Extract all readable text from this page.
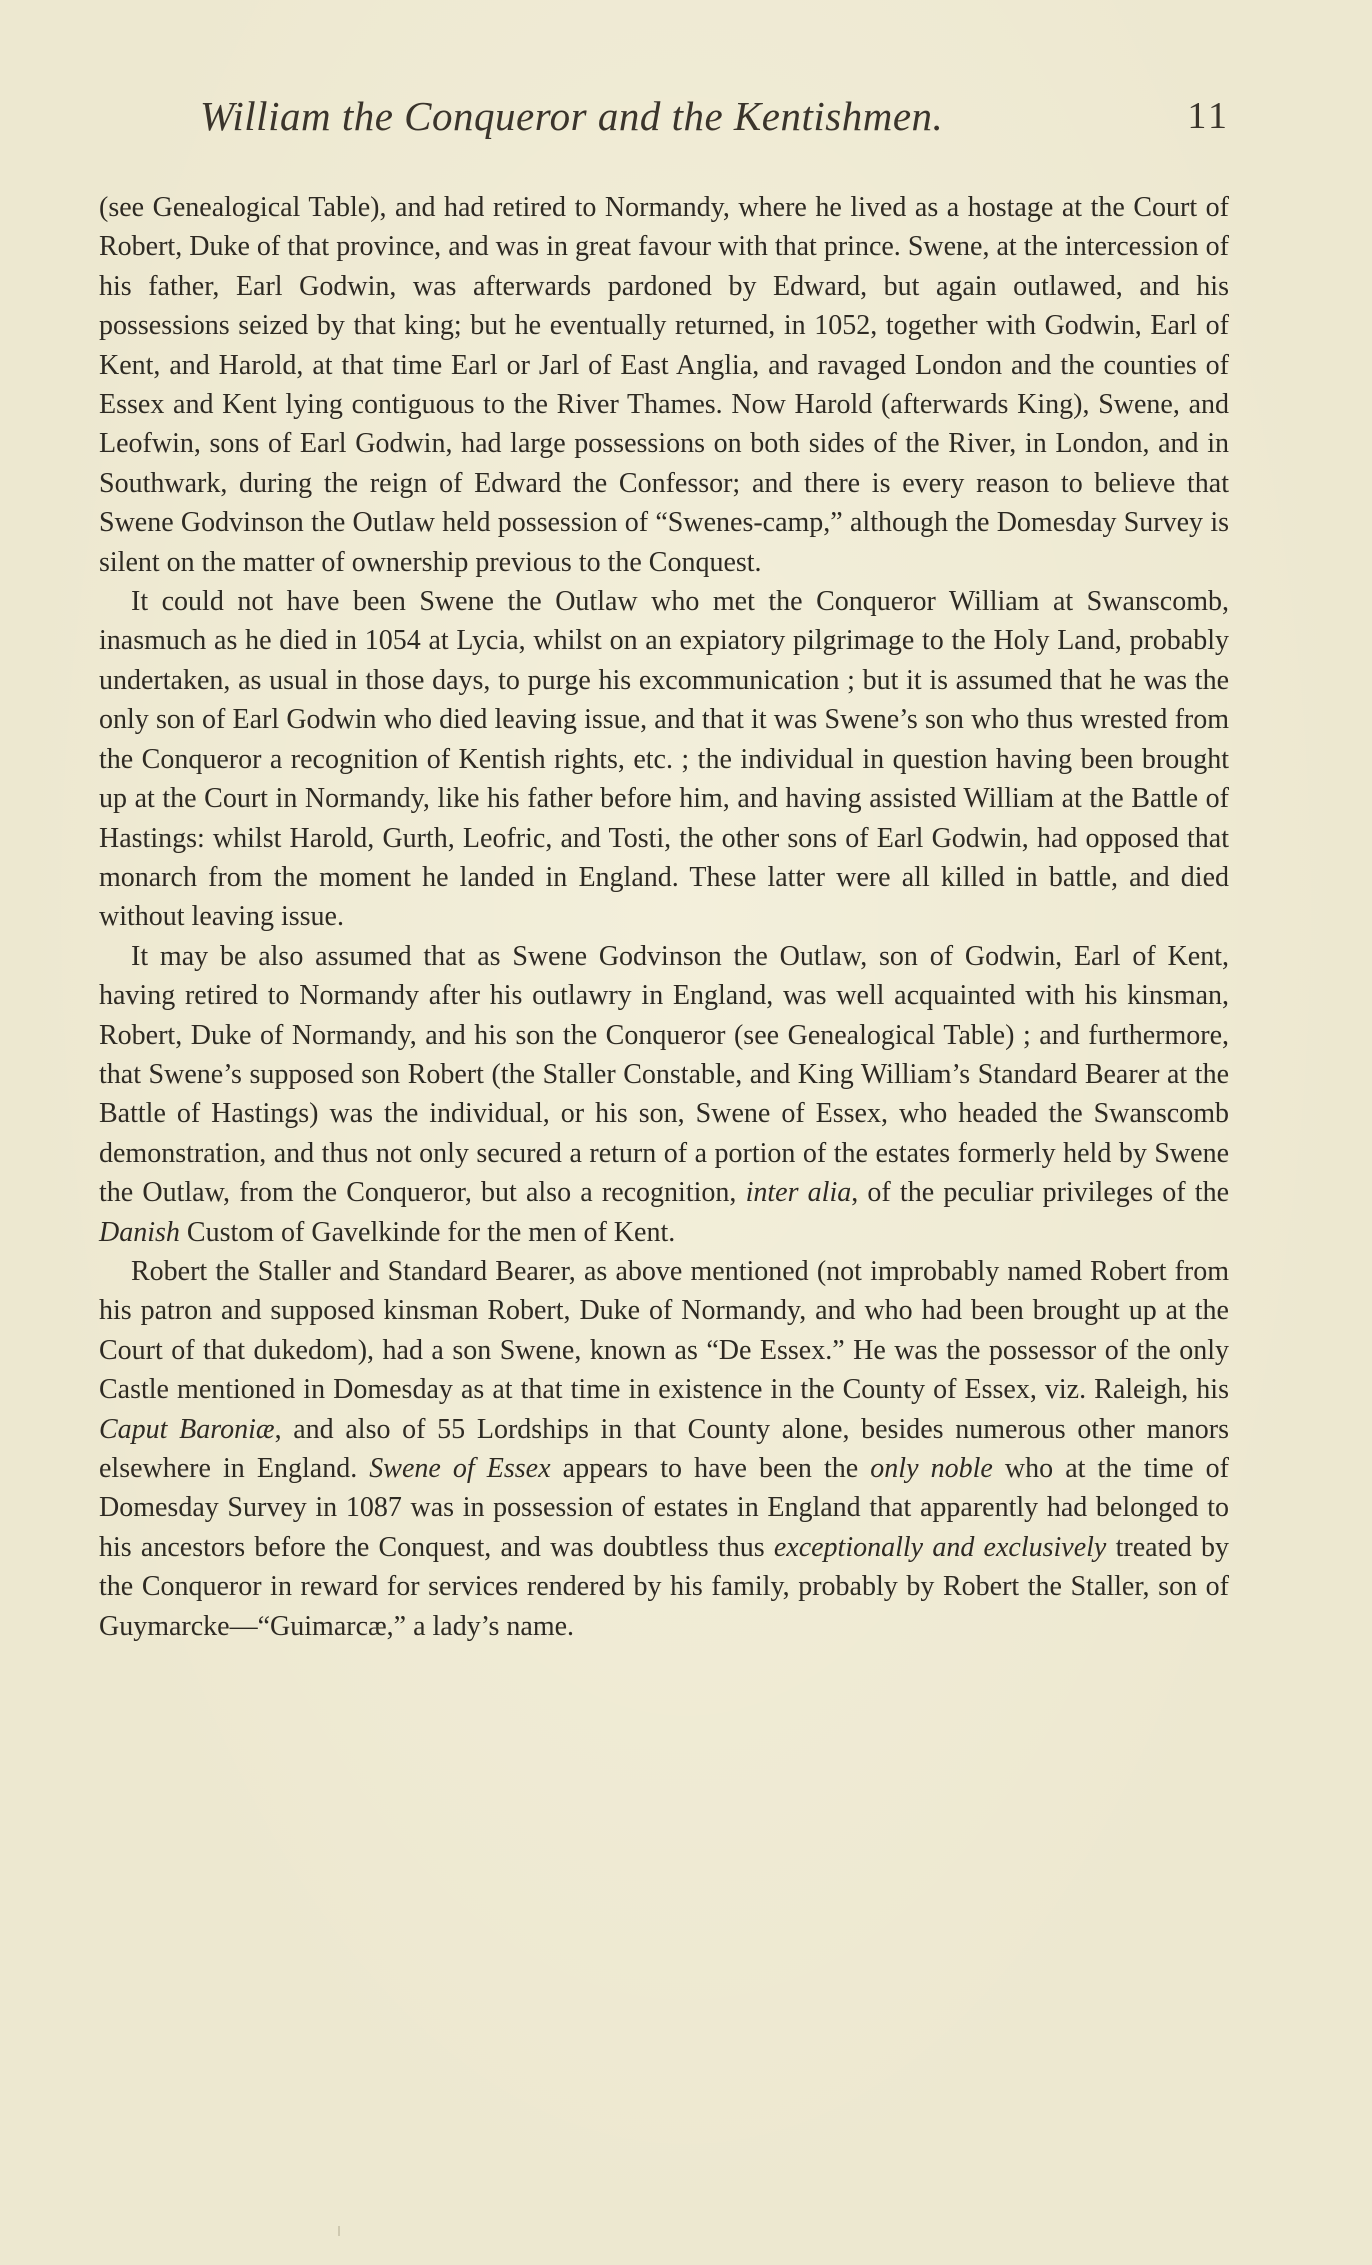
William the Conqueror and the Kentishmen.	11

(see Genealogical Table), and had retired to Normandy, where he lived as a hostage at the Court of Robert, Duke of that province, and was in great favour with that prince. Swene, at the intercession of his father, Earl Godwin, was afterwards pardoned by Edward, but again outlawed, and his possessions seized by that king; but he eventually returned, in 1052, together with Godwin, Earl of Kent, and Harold, at that time Earl or Jarl of East Anglia, and ravaged London and the counties of Essex and Kent lying contiguous to the River Thames. Now Harold (afterwards King), Swene, and Leofwin, sons of Earl Godwin, had large possessions on both sides of the River, in London, and in Southwark, during the reign of Edward the Confessor; and there is every reason to believe that Swene Godvinson the Outlaw held possession of “Swenes-camp,” although the Domesday Survey is silent on the matter of ownership previous to the Conquest.

It could not have been Swene the Outlaw who met the Conqueror William at Swanscomb, inasmuch as he died in 1054 at Lycia, whilst on an expiatory pilgrimage to the Holy Land, probably undertaken, as usual in those days, to purge his excommunication ; but it is assumed that he was the only son of Earl Godwin who died leaving issue, and that it was Swene’s son who thus wrested from the Conqueror a recognition of Kentish rights, etc. ; the individual in question having been brought up at the Court in Normandy, like his father before him, and having assisted William at the Battle of Hastings: whilst Harold, Gurth, Leofric, and Tosti, the other sons of Earl Godwin, had opposed that monarch from the moment he landed in England. These latter were all killed in battle, and died without leaving issue.

It may be also assumed that as Swene Godvinson the Outlaw, son of Godwin, Earl of Kent, having retired to Normandy after his outlawry in England, was well acquainted with his kinsman, Robert, Duke of Normandy, and his son the Conqueror (see Genealogical Table) ; and furthermore, that Swene’s supposed son Robert (the Staller Constable, and King William’s Standard Bearer at the Battle of Hastings) was the individual, or his son, Swene of Essex, who headed the Swanscomb demonstration, and thus not only secured a return of a portion of the estates formerly held by Swene the Outlaw, from the Conqueror, but also a recognition, inter alia, of the peculiar privileges of the Danish Custom of Gavelkinde for the men of Kent.

Robert the Staller and Standard Bearer, as above mentioned (not improbably named Robert from his patron and supposed kinsman Robert, Duke of Normandy, and who had been brought up at the Court of that dukedom), had a son Swene, known as “De Essex.” He was the possessor of the only Castle mentioned in Domesday as at that time in existence in the County of Essex, viz. Raleigh, his Caput Baroniæ, and also of 55 Lordships in that County alone, besides numerous other manors elsewhere in England. Swene of Essex appears to have been the only noble who at the time of Domesday Survey in 1087 was in possession of estates in England that apparently had belonged to his ancestors before the Conquest, and was doubtless thus exceptionally and exclusively treated by the Conqueror in reward for services rendered by his family, probably by Robert the Staller, son of Guymarcke—“Guimarcæ,” a lady’s name.
